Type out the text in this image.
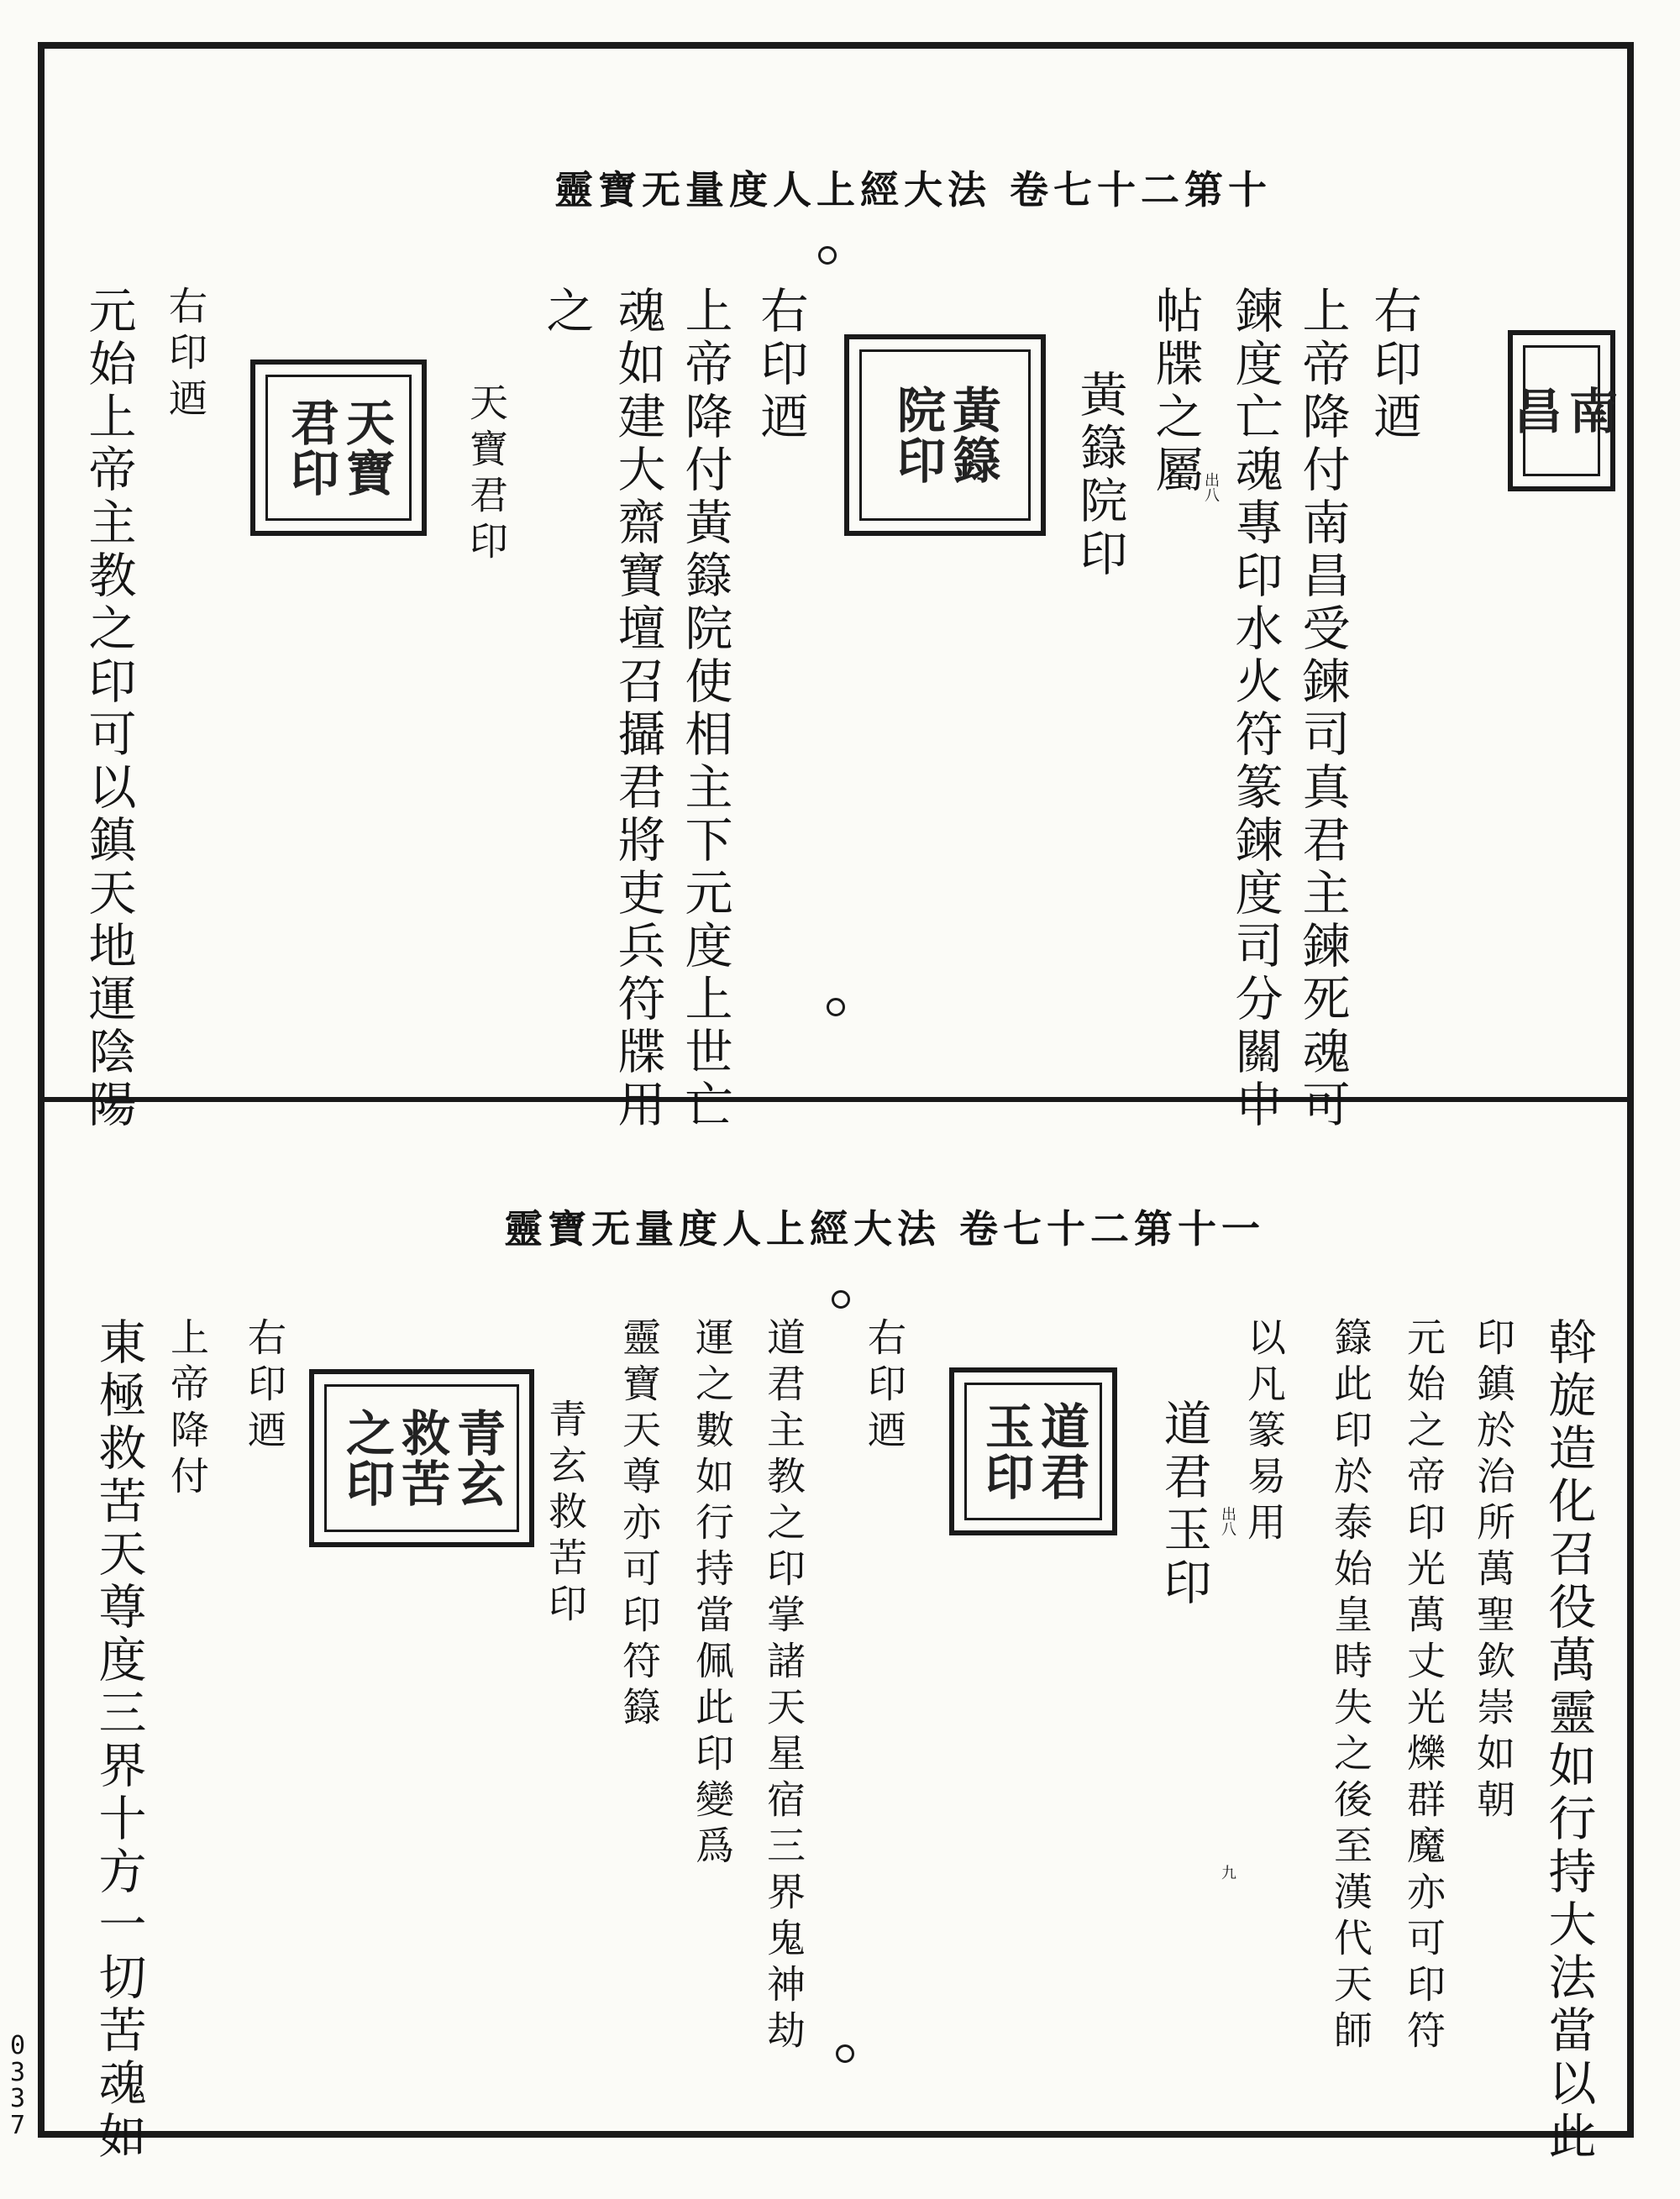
靈寶无量度人上經大法 卷七十二第十
右印迺
上帝降付南昌受鍊司真君主鍊死魂可
鍊度亡魂專印水火符篆鍊度司分關申
帖牒之屬
黃籙院印	出八
右印迺
上帝降付黃籙院使相主下元度上世亡
魂如建大齋寶壇召攝君將吏兵符牒用
之
天寶君印
右印迺
元始上帝主教之印可以鎮天地運陰陽	南
昌
黃籙
院印
天寶
君印
靈寶无量度人上經大法 卷七十二第十一
斡旋造化召役萬靈如行持大法當以此
印鎮於治所萬聖欽崇如朝
元始之帝印光萬丈光爍群魔亦可印符
籙此印於泰始皇時失之後至漢代天師
以凡篆易用
道君玉印 出八
九
右印迺
道君主教之印掌諸天星宿三界鬼神劫
運之數如行持當佩此印變爲
靈寶天尊亦可印符籙
青玄救苦印
右印迺
上帝降付
東極救苦天尊度三界十方一切苦魂如	道君
玉印
青玄
救苦
之印
0
3
3
7
